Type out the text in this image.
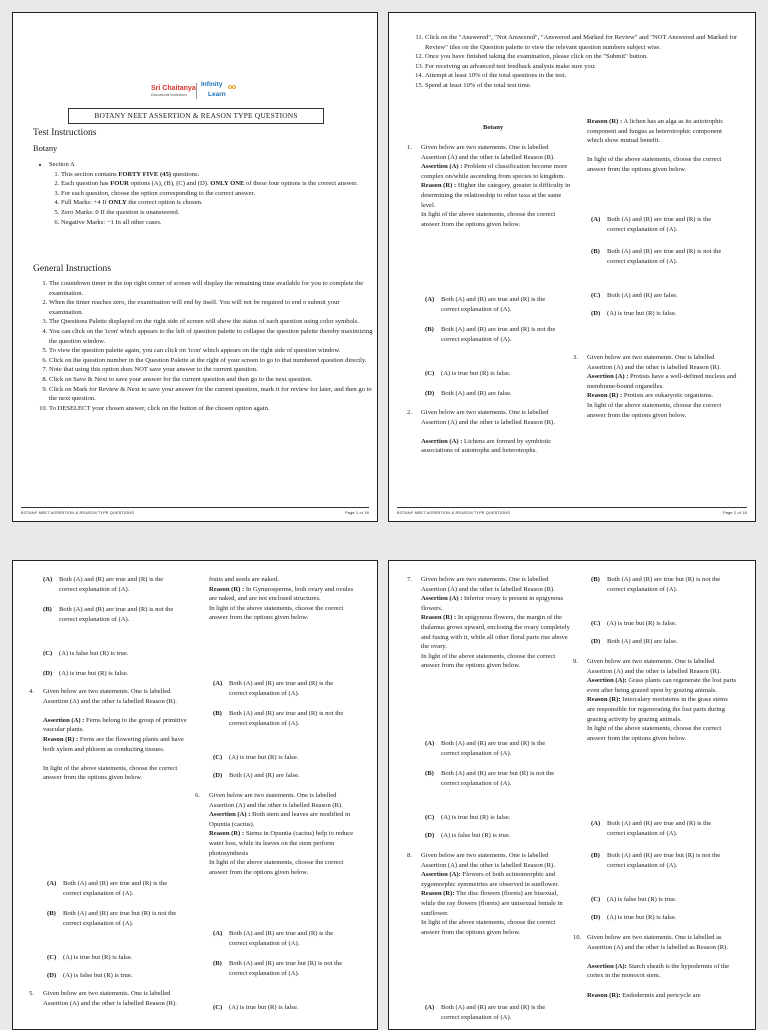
Sri Chaitanya
Educational Institutions
Infinity
Learn
BOTANY NEET ASSERTION & REASON TYPE QUESTIONS
Test Instructions
Botany
• Section A
1. This section contains FORTY FIVE (45) questions.
2. Each question has FOUR options (A), (B), (C) and (D). ONLY ONE of these four options is the correct answer.
3. For each question, choose the option corresponding to the correct answer.
4. Full Marks: +4 If ONLY the correct option is chosen.
5. Zero Marks: 0 If the question is unanswered.
6. Negative Marks: −1 In all other cases.
General Instructions
1. The countdown timer in the top right corner of screen will display the remaining time available for you to complete the examination.
2. When the timer reaches zero, the examination will end by itself. You will not be required to end o submit your examination.
3. The Questions Palette displayed on the right side of screen will show the status of each question using color symbols.
4. You can click on the 'icon' which appears to the left of question palette to collapse the question palette thereby maximizing the question window.
5. To view the question palette again, you can click on 'icon' which appears on the right side of question window.
6. Click on the question number in the Question Palette at the right of your screen to go to that numbered question directly.
7. Note that using this option does NOT save your answer to the current question.
8. Click on Save & Next to save your answer for the current question and then go to the next question.
9. Click on Mark for Review & Next to save your answer for the current question, mark it for review for later, and then go to the next question.
10. To DESELECT your chosen answer, click on the button of the chosen option again.
BOTANY NEET ASSERTION & REASON TYPE QUESTIONS	Page 1 of 18
11. Click on the "Answered", "Not Answered", "Answered and Marked for Review" and "NOT Answered and Marked for Review" tiles on the Question palette to view the relevant question numbers subject wise.
12. Once you have finished taking the examination, please click on the "Submit" button.
13. For receiving an advanced test feedback analysis make sure you:
14. Attempt at least 10% of the total questions in the test.
15. Spend at least 10% of the total test time.
Botany
1. Given below are two statements. One is labelled Assertion (A) and the other is labelled Reason (R).
Assertion (A) : Problem of classification become more complex on/while ascending from species to kingdom.
Reason (R) : Higher the category, greater is difficulty in determining the relationship to other taxa at the same level.
In light of the above statements, choose the correct answer from the options given below.
(A) Both (A) and (R) are true and (R) is the correct explanation of (A).
(B) Both (A) and (R) are true and (R) is not the correct explanation of (A).
(C) (A) is true but (R) is false.
(D) Both (A) and (R) are false.
2. Given below are two statements. One is labelled Assertion (A) and the other is labelled Reason (R).

Assertion (A) : Lichens are formed by symbiotic associations of autotrophs and heterotrophs.
Reason (R) : A lichen has an alga as its autotrophic component and fungus as heterotrophic component which show mutual benefit.

In light of the above statements, choose the correct answer from the options given below.
(A) Both (A) and (R) are true and (R) is the correct explanation of (A).
(B) Both (A) and (R) are true and (R) is not the correct explanation of (A).
(C) Both (A) and (R) are false.
(D) (A) is true but (R) is false.
3. Given below are two statements. One is labelled Assertion (A) and the other is labelled Reason (R).
Assertion (A) : Protists have a well-defined nucleus and membrane-bound organelles.
Reason (R) : Protists are eukaryotic organisms.
In light of the above statements, choose the correct answer from the options given below.
BOTANY NEET ASSERTION & REASON TYPE QUESTIONS	Page 2 of 18
(A) Both (A) and (R) are true and (R) is the correct explanation of (A).
(B) Both (A) and (R) are true and (R) is not the correct explanation of (A).
(C) (A) is false but (R) is true.
(D) (A) is true but (R) is false.
4. Given below are two statements. One is labelled Assertion (A) and the other is labelled Reason (R).

Assertion (A) : Ferns belong to the group of primitive vascular plants.
Reason (R) : Ferns are the flowering plants and have both xylem and phloem as conducting tissues.

In light of the above statements, choose the correct answer from the options given below.
(A) Both (A) and (R) are true and (R) is the correct explanation of (A).
(B) Both (A) and (R) are true but (R) is not the correct explanation of (A).
(C) (A) is true but (R) is false.
(D) (A) is false but (R) is true.
5. Given below are two statements. One is labelled Assertion (A) and the other is labelled Reason (R).
fruits and seeds are naked.
Reason (R) : In Gymnosperms, both ovary and ovules are naked, and are not enclosed structures.
In light of the above statements, choose the correct answer from the options given below.
(A) Both (A) and (R) are true and (R) is the correct explanation of (A).
(B) Both (A) and (R) are true and (R) is not the correct explanation of (A).
(C) (A) is true but (R) is false.
(D) Both (A) and (R) are false.
6. Given below are two statements. One is labelled Assertion (A) and the other is labelled Reason (R).
Assertion (A) : Both stem and leaves are modified in Opuntia (cactus).
Reason (R) : Stems in Opuntia (cactus) help to reduce water loss, while its leaves on the stem perform photosynthesis
In light of the above statements, choose the correct answer from the options given below.
(A) Both (A) and (R) are true and (R) is the correct explanation of (A).
(B) Both (A) and (R) are true but (R) is not the correct explanation of (A).
(C) (A) is true but (R) is false.
7. Given below are two statements. One is labelled Assertion (A) and the other is labelled Reason (R).
Assertion (A) : Inferior ovary is present in epigynous flowers.
Reason (R) : In epigynous flowers, the margin of the thalamus grows upward, enclosing the ovary completely and fusing with it, while all other floral parts rise above the ovary.
In light of the above statements, choose the correct answer from the options given below.
(A) Both (A) and (R) are true and (R) is the correct explanation of (A).
(B) Both (A) and (R) are true but (R) is not the correct explanation of (A).
(C) (A) is true but (R) is false.
(D) (A) is false but (R) is true.
8. Given below are two statements. One is labelled Assertion (A) and the other is labelled Reason (R).
Assertion (A): Flowers of both actinomorphic and zygomorphic symmetries are observed in sunflower.
Reason (R): The disc flowers (florets) are bisexual, while the ray flowers (florets) are unisexual female in sunflower.
In light of the above statements, choose the correct answer from the options given below.
(A) Both (A) and (R) are true and (R) is the correct explanation of (A).
(B) Both (A) and (R) are true but (R) is not the correct explanation of (A).
(C) (A) is true but (R) is false.
(D) Both (A) and (R) are false.
9. Given below are two statements. One is labelled Assertion (A) and the other is labelled Reason (R).
Assertion (A): Grass plants can regenerate the lost parts even after being grazed upon by grazing animals.
Reason (R): Intercalary meristems in the grass stems are responsible for regenerating the lost parts during grazing activity by grazing animals.
In light of the above statements, choose the correct answer from the options given below.
(A) Both (A) and (R) are true and (R) is the correct explanation of (A).
(B) Both (A) and (R) are true but (R) is not the correct explanation of (A).
(C) (A) is false but (R) is true.
(D) (A) is true but (R) is false.
10. Given below are two statements. One is labelled as Assertion (A) and the other is labelled as Reason (R).

Assertion (A): Starch sheath is the hypodermis of the cortex in the monocot stem.

Reason (R): Endodermis and pericycle are
